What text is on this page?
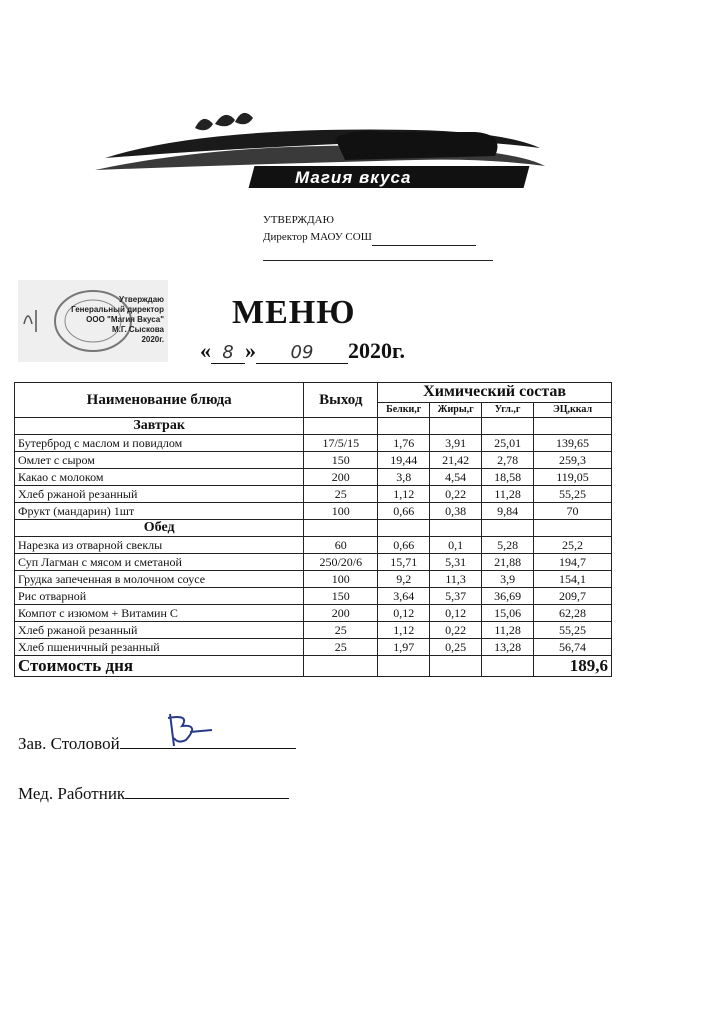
Магия вкуса
УТВЕРЖДАЮ
Директор МАОУ СОШ
Утверждаю
Генеральный директор
ООО "Магия Вкуса"
М.Г. Сыскова
2020г.
МЕНЮ
« 8 » 09 2020г.
Наименование блюда	Выход	Химический состав			
		Белки,г	Жиры,г	Угл.,г	ЭЦ,ккал
Завтрак					
Бутерброд с маслом и повидлом	17/5/15	1,76	3,91	25,01	139,65
Омлет с сыром	150	19,44	21,42	2,78	259,3
Какао с молоком	200	3,8	4,54	18,58	119,05
Хлеб ржаной резанный	25	1,12	0,22	11,28	55,25
Фрукт (мандарин) 1шт	100	0,66	0,38	9,84	70
Обед					
Нарезка из отварной свеклы	60	0,66	0,1	5,28	25,2
Суп Лагман с мясом и сметаной	250/20/6	15,71	5,31	21,88	194,7
Грудка запеченная в молочном соусе	100	9,2	11,3	3,9	154,1
Рис отварной	150	3,64	5,37	36,69	209,7
Компот с изюмом + Витамин С	200	0,12	0,12	15,06	62,28
Хлеб ржаной резанный	25	1,12	0,22	11,28	55,25
Хлеб пшеничный резанный	25	1,97	0,25	13,28	56,74
Стоимость дня					189,6
Зав. Столовой
Мед. Работник
